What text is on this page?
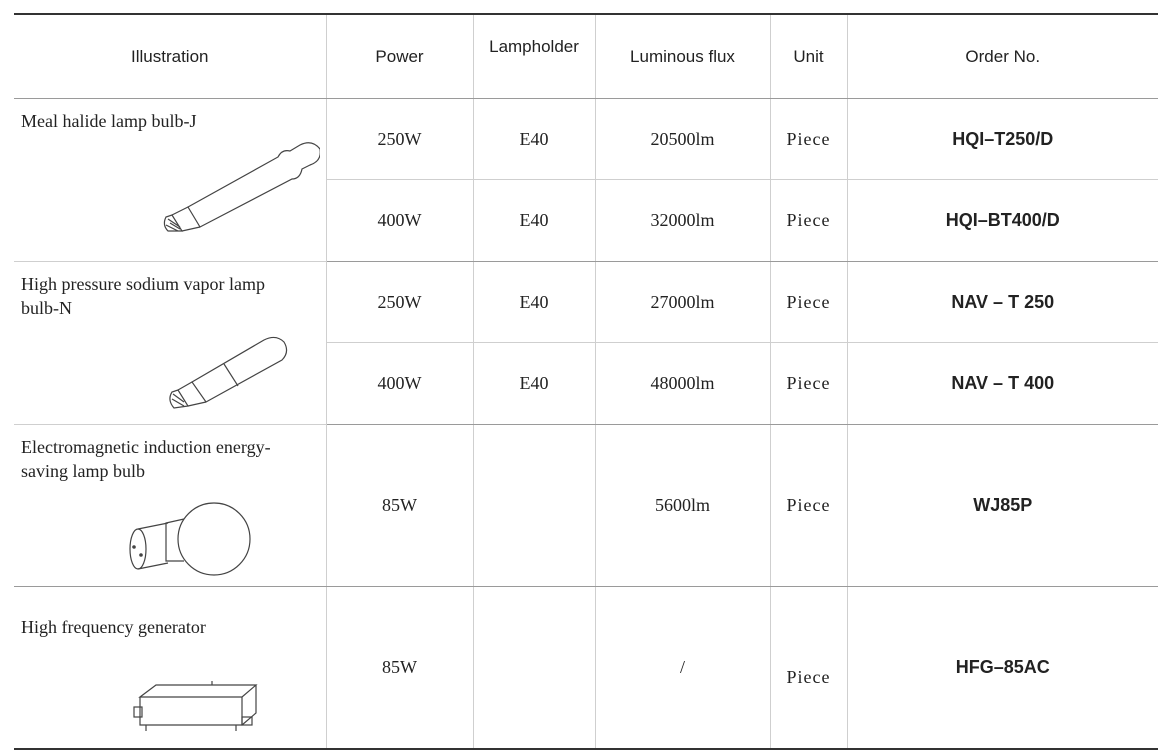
Illustration	Power	Lampholder	Luminous flux	Unit	Order No.

Meal halide lamp bulb-J	250W	E40	20500lm	Piece	HQI–T250/D
	400W	E40	32000lm	Piece	HQI–BT400/D

High pressure sodium vapor lamp bulb-N	250W	E40	27000lm	Piece	NAV – T 250
	400W	E40	48000lm	Piece	NAV – T 400

Electromagnetic induction energy-saving lamp bulb	85W		5600lm	Piece	WJ85P

High frequency generator	85W		/	Piece	HFG–85AC
